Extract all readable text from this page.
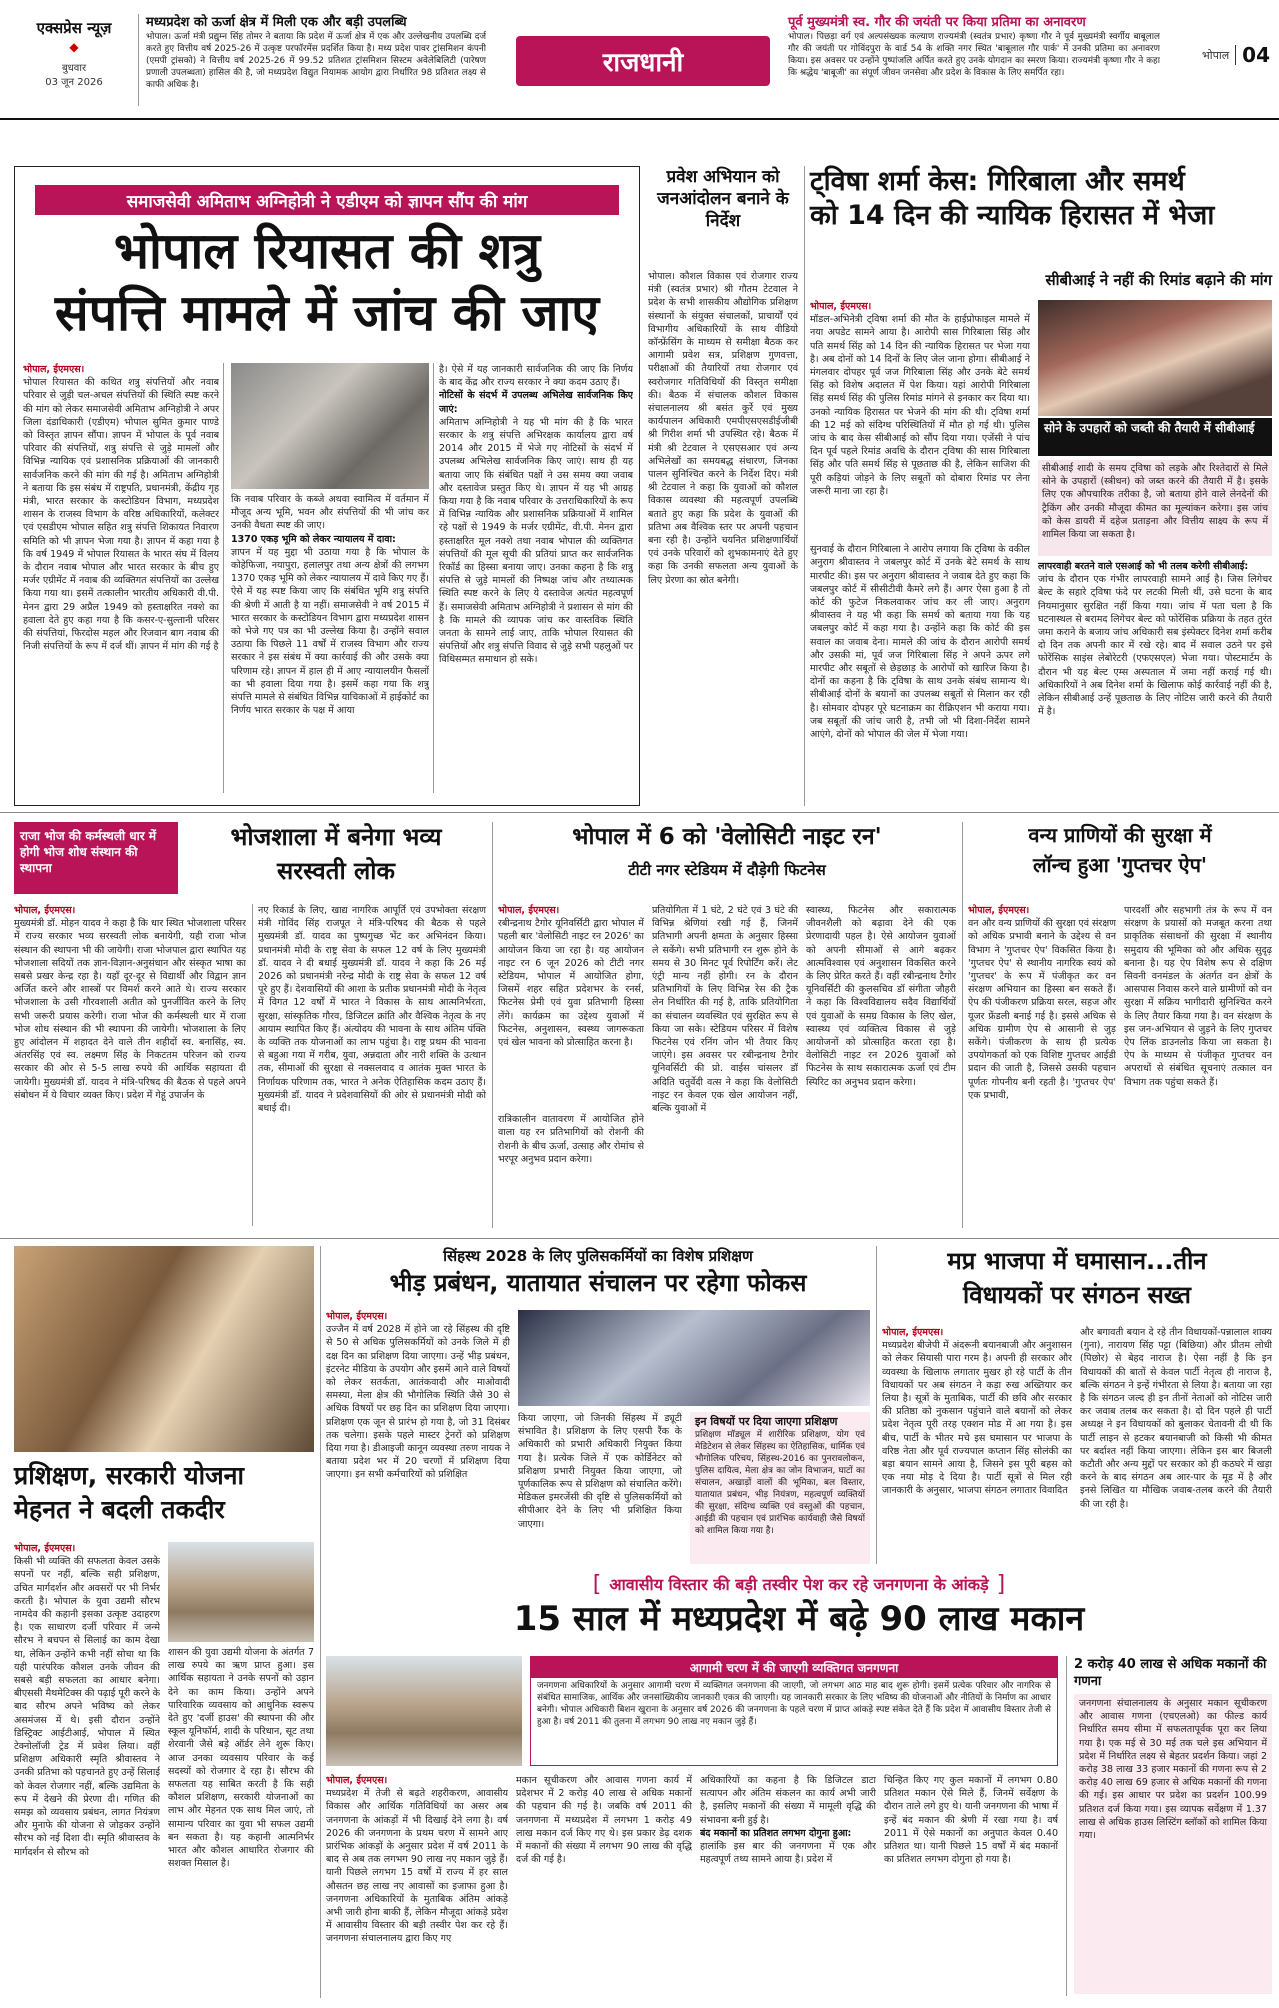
एक्सप्रेस न्यूज़
◆
बुधवार
03 जून 2026
मध्यप्रदेश को ऊर्जा क्षेत्र में मिली एक और बड़ी उपलब्धि
भोपाल। ऊर्जा मंत्री प्रद्युम्न सिंह तोमर ने बताया कि प्रदेश में ऊर्जा क्षेत्र में एक और उल्लेखनीय उपलब्धि दर्ज करते हुए वित्तीय वर्ष 2025-26 में उत्कृष्ट परफॉरमेंस प्रदर्शित किया है। मध्य प्रदेश पावर ट्रांसमिशन कंपनी (एमपी ट्रांसको) ने वित्तीय वर्ष 2025-26 में 99.52 प्रतिशत ट्रांसमिशन सिस्टम अवेलेबिलिटी (पारेषण प्रणाली उपलब्धता) हासिल की है, जो मध्यप्रदेश विद्युत नियामक आयोग द्वारा निर्धारित 98 प्रतिशत लक्ष्य से काफी अधिक है।
राजधानी
पूर्व मुख्यमंत्री स्व. गौर की जयंती पर किया प्रतिमा का अनावरण
भोपाल। पिछड़ा वर्ग एवं अल्पसंख्यक कल्याण राज्यमंत्री (स्वतंत्र प्रभार) कृष्णा गौर ने पूर्व मुख्यमंत्री स्वर्गीय बाबूलाल गौर की जयंती पर गोविंदपुरा के वार्ड 54 के शक्ति नगर स्थित 'बाबूलाल गौर पार्क' में उनकी प्रतिमा का अनावरण किया। इस अवसर पर उन्होंने पुष्पांजलि अर्पित करते हुए उनके योगदान का स्मरण किया। राज्यमंत्री कृष्णा गौर ने कहा कि श्रद्धेय 'बाबूजी' का संपूर्ण जीवन जनसेवा और प्रदेश के विकास के लिए समर्पित रहा।
भोपाल 04
समाजसेवी अमिताभ अग्निहोत्री ने एडीएम को ज्ञापन सौंप की मांग
भोपाल रियासत की शत्रु
संपत्ति मामले में जांच की जाए
भोपाल, ईएमएस।
भोपाल रियासत की कथित शत्रु संपत्तियों और नवाब परिवार से जुड़ी चल-अचल संपत्तियों की स्थिति स्पष्ट करने की मांग को लेकर समाजसेवी अमिताभ अग्निहोत्री ने अपर जिला दंडाधिकारी (एडीएम) भोपाल सुमित कुमार पाण्डे को विस्तृत ज्ञापन सौंपा। ज्ञापन में भोपाल के पूर्व नवाब परिवार की संपत्तियों, शत्रु संपत्ति से जुड़े मामलों और विभिन्न न्यायिक एवं प्रशासनिक प्रक्रियाओं की जानकारी सार्वजनिक करने की मांग की गई है। अमिताभ अग्निहोत्री ने बताया कि इस संबंध में राष्ट्रपति, प्रधानमंत्री, केंद्रीय गृह मंत्री, भारत सरकार के कस्टोडियन विभाग, मध्यप्रदेश शासन के राजस्व विभाग के वरिष्ठ अधिकारियों, कलेक्टर एवं एसडीएम भोपाल सहित शत्रु संपत्ति शिकायत निवारण समिति को भी ज्ञापन भेजा गया है। ज्ञापन में कहा गया है कि वर्ष 1949 में भोपाल रियासत के भारत संघ में विलय के दौरान नवाब भोपाल और भारत सरकार के बीच हुए मर्जर एग्रीमेंट में नवाब की व्यक्तिगत संपत्तियों का उल्लेख किया गया था। इसमें तत्कालीन भारतीय अधिकारी वी.पी. मेनन द्वारा 29 अप्रैल 1949 को हस्ताक्षरित नक्शे का हवाला देते हुए कहा गया है कि कसर-ए-सुल्तानी परिसर की संपत्तियां, फिरदोस महल और रिजवान बाग नवाब की निजी संपत्तियों के रूप में दर्ज थीं। ज्ञापन में मांग की गई है
कि नवाब परिवार के कब्जे अथवा स्वामित्व में वर्तमान में मौजूद अन्य भूमि, भवन और संपत्तियों की भी जांच कर उनकी वैधता स्पष्ट की जाए।
1370 एकड़ भूमि को लेकर न्यायालय में दावा:
ज्ञापन में यह मुद्दा भी उठाया गया है कि भोपाल के कोहेफिजा, नयापुरा, हलालपुर तथा अन्य क्षेत्रों की लगभग 1370 एकड़ भूमि को लेकर न्यायालय में दावे किए गए हैं। ऐसे में यह स्पष्ट किया जाए कि संबंधित भूमि शत्रु संपत्ति की श्रेणी में आती है या नहीं। समाजसेवी ने वर्ष 2015 में भारत सरकार के कस्टोडियन विभाग द्वारा मध्यप्रदेश शासन को भेजे गए पत्र का भी उल्लेख किया है। उन्होंने सवाल उठाया कि पिछले 11 वर्षों में राजस्व विभाग और राज्य सरकार ने इस संबंध में क्या कार्रवाई की और उसके क्या परिणाम रहे। ज्ञापन में हाल ही में आए न्यायालयीन फैसलों का भी हवाला दिया गया है। इसमें कहा गया कि शत्रु संपत्ति मामले से संबंधित विभिन्न याचिकाओं में हाईकोर्ट का निर्णय भारत सरकार के पक्ष में आया
है। ऐसे में यह जानकारी सार्वजनिक की जाए कि निर्णय के बाद केंद्र और राज्य सरकार ने क्या कदम उठाए हैं।
नोटिसों के संदर्भ में उपलब्ध अभिलेख सार्वजनिक किए जाएं:
अमिताभ अग्निहोत्री ने यह भी मांग की है कि भारत सरकार के शत्रु संपत्ति अभिरक्षक कार्यालय द्वारा वर्ष 2014 और 2015 में भेजे गए नोटिसों के संदर्भ में उपलब्ध अभिलेख सार्वजनिक किए जाएं। साथ ही यह बताया जाए कि संबंधित पक्षों ने उस समय क्या जवाब और दस्तावेज प्रस्तुत किए थे। ज्ञापन में यह भी आग्रह किया गया है कि नवाब परिवार के उत्तराधिकारियों के रूप में विभिन्न न्यायिक और प्रशासनिक प्रक्रियाओं में शामिल रहे पक्षों से 1949 के मर्जर एग्रीमेंट, वी.पी. मेनन द्वारा हस्ताक्षरित मूल नक्शे तथा नवाब भोपाल की व्यक्तिगत संपत्तियों की मूल सूची की प्रतियां प्राप्त कर सार्वजनिक रिकॉर्ड का हिस्सा बनाया जाए। उनका कहना है कि शत्रु संपत्ति से जुड़े मामलों की निष्पक्ष जांच और तथ्यात्मक स्थिति स्पष्ट करने के लिए ये दस्तावेज अत्यंत महत्वपूर्ण हैं। समाजसेवी अमिताभ अग्निहोत्री ने प्रशासन से मांग की है कि मामले की व्यापक जांच कर वास्तविक स्थिति जनता के सामने लाई जाए, ताकि भोपाल रियासत की संपत्तियों और शत्रु संपत्ति विवाद से जुड़े सभी पहलुओं पर विधिसम्मत समाधान हो सके।
प्रवेश अभियान को जनआंदोलन बनाने के निर्देश
भोपाल। कौशल विकास एवं रोजगार राज्य मंत्री (स्वतंत्र प्रभार) श्री गौतम टेटवाल ने प्रदेश के सभी शासकीय औद्योगिक प्रशिक्षण संस्थानों के संयुक्त संचालकों, प्राचार्यों एवं विभागीय अधिकारियों के साथ वीडियो कॉन्फ्रेंसिंग के माध्यम से समीक्षा बैठक कर आगामी प्रवेश सत्र, प्रशिक्षण गुणवत्ता, परीक्षाओं की तैयारियों तथा रोजगार एवं स्वरोजगार गतिविधियों की विस्तृत समीक्षा की। बैठक में संचालक कौशल विकास संचालनालय श्री बसंत कुर्रे एवं मुख्य कार्यपालन अधिकारी एमपीएसएसडीईजीबी श्री गिरीश शर्मा भी उपस्थित रहे। बैठक में मंत्री श्री टेटवाल ने एसएसआर एवं अन्य अभिलेखों का समयबद्ध संधारण, जिनका पालन सुनिश्चित करने के निर्देश दिए। मंत्री श्री टेटवाल ने कहा कि युवाओं को कौशल विकास व्यवस्था की महत्वपूर्ण उपलब्धि बताते हुए कहा कि प्रदेश के युवाओं की प्रतिभा अब वैश्विक स्तर पर अपनी पहचान बना रही है। उन्होंने चयनित प्रशिक्षणार्थियों एवं उनके परिवारों को शुभकामनाएं देते हुए कहा कि उनकी सफलता अन्य युवाओं के लिए प्रेरणा का स्रोत बनेगी।
ट्विषा शर्मा केस: गिरिबाला और समर्थ
को 14 दिन की न्यायिक हिरासत में भेजा
सीबीआई ने नहीं की रिमांड बढ़ाने की मांग
भोपाल, ईएमएस।
मॉडल-अभिनेत्री ट्विषा शर्मा की मौत के हाईप्रोफाइल मामले में नया अपडेट सामने आया है। आरोपी सास गिरिबाला सिंह और पति समर्थ सिंह को 14 दिन की न्यायिक हिरासत पर भेजा गया है। अब दोनों को 14 दिनों के लिए जेल जाना होगा। सीबीआई ने मंगलवार दोपहर पूर्व जज गिरिबाला सिंह और उनके बेटे समर्थ सिंह को विशेष अदालत में पेश किया। यहां आरोपी गिरिबाला सिंह समर्थ सिंह की पुलिस रिमांड मांगने से इनकार कर दिया था। उनको न्यायिक हिरासत पर भेजने की मांग की थी। ट्विषा शर्मा की 12 मई को संदिग्ध परिस्थितियों में मौत हो गई थी। पुलिस जांच के बाद केस सीबीआई को सौंप दिया गया। एजेंसी ने पांच दिन पूर्व पहले रिमांड अवधि के दौरान ट्विषा की सास गिरिबाला सिंह और पति समर्थ सिंह से पूछताछ की है, लेकिन साजिश की पूरी कड़ियां जोड़ने के लिए सबूतों को दोबारा रिमांड पर लेना जरूरी माना जा रहा है।
सुनवाई के दौरान गिरिबाला ने आरोप लगाया कि ट्विषा के वकील अनुराग श्रीवास्तव ने जबलपुर कोर्ट में उनके बेटे समर्थ के साथ मारपीट की। इस पर अनुराग श्रीवास्तव ने जवाब देते हुए कहा कि जबलपुर कोर्ट में सीसीटीवी कैमरे लगे हैं। अगर ऐसा हुआ है तो कोर्ट की फुटेज निकलवाकर जांच कर ली जाए। अनुराग श्रीवास्तव ने यह भी कहा कि समर्थ को बताया गया कि यह जबलपुर कोर्ट में कहा गया है। उन्होंने कहा कि कोर्ट की इस सवाल का जवाब देना। मामले की जांच के दौरान आरोपी समर्थ और उसकी मां, पूर्व जज गिरिबाला सिंह ने अपने ऊपर लगे मारपीट और सबूतों से छेड़छाड़ के आरोपों को खारिज किया है। दोनों का कहना है कि ट्विषा के साथ उनके संबंध सामान्य थे। सीबीआई दोनों के बयानों का उपलब्ध सबूतों से मिलान कर रही है। सोमवार दोपहर पूरे घटनाक्रम का रीक्रिएशन भी कराया गया। जब सबूतों की जांच जारी है, तभी जो भी दिशा-निर्देश सामने आएंगे, दोनों को भोपाल की जेल में भेजा गया।
सोने के उपहारों को जब्ती की तैयारी में सीबीआई
सीबीआई शादी के समय ट्विषा को लड़के और रिश्तेदारों से मिले सोने के उपहारों (स्त्रीधन) को जब्त करने की तैयारी में है। इसके लिए एक औपचारिक तरीका है, जो बताया होने वाले लेनदेनों की ट्रैकिंग और उनकी मौजूदा कीमत का मूल्यांकन करेगा। इस जांच को केस डायरी में दहेज प्रताड़ना और वित्तीय साक्ष्य के रूप में शामिल किया जा सकता है।
लापरवाही बरतने वाले एसआई को भी तलब करेगी सीबीआई:
जांच के दौरान एक गंभीर लापरवाही सामने आई है। जिस लिगेचर बेल्ट के सहारे ट्विषा फंदे पर लटकी मिली थीं, उसे घटना के बाद नियमानुसार सुरक्षित नहीं किया गया। जांच में पता चला है कि घटनास्थल से बरामद लिगेचर बेल्ट को फोरेंसिक प्रक्रिया के तहत तुरंत जमा कराने के बजाय जांच अधिकारी सब इंस्पेक्टर दिनेश शर्मा करीब दो दिन तक अपनी कार में रखे रहे। बाद में सवाल उठने पर इसे फोरेंसिक साइंस लेबोरेटरी (एफएसएल) भेजा गया। पोस्टमार्टम के दौरान भी यह बेल्ट एम्स अस्पताल में जमा नहीं कराई गई थी। अधिकारियों ने अब दिनेश शर्मा के खिलाफ कोई कार्रवाई नहीं की है, लेकिन सीबीआई उन्हें पूछताछ के लिए नोटिस जारी करने की तैयारी में है।
राजा भोज की कर्मस्थली धार में होगी भोज शोध संस्थान की स्थापना
भोजशाला में बनेगा भव्य
सरस्वती लोक
भोपाल, ईएमएस।
मुख्यमंत्री डॉ. मोहन यादव ने कहा है कि धार स्थित भोजशाला परिसर में राज्य सरकार भव्य सरस्वती लोक बनायेगी, यही राजा भोज संस्थान की स्थापना भी की जायेगी। राजा भोजपाल द्वारा स्थापित यह भोजशाला सदियों तक ज्ञान-विज्ञान-अनुसंधान और संस्कृत भाषा का सबसे प्रखर केन्द्र रहा है। यहाँ दूर-दूर से विद्यार्थी और विद्वान ज्ञान अर्जित करने और शास्त्रों पर विमर्श करने आते थे। राज्य सरकार भोजशाला के उसी गौरवशाली अतीत को पुनर्जीवित करने के लिए सभी जरूरी प्रयास करेगी। राजा भोज की कर्मस्थली धार में राजा भोज शोध संस्थान की भी स्थापना की जायेगी। भोजशाला के लिए हुए आंदोलन में शहादत देने वाले तीन शहीदों स्व. बनासिंह, स्व. अंतरसिंह एवं स्व. लक्ष्मण सिंह के निकटतम परिजन को राज्य सरकार की ओर से 5-5 लाख रुपये की आर्थिक सहायता दी जायेगी। मुख्यमंत्री डॉ. यादव ने मंत्रि-परिषद की बैठक से पहले अपने संबोधन में ये विचार व्यक्त किए। प्रदेश में गेहूं उपार्जन के
नए रिकार्ड के लिए, खाद्य नागरिक आपूर्ति एवं उपभोक्ता संरक्षण मंत्री गोविंद सिंह राजपूत ने मंत्रि-परिषद की बैठक से पहले मुख्यमंत्री डॉ. यादव का पुष्पगुच्छ भेंट कर अभिनंदन किया। प्रधानमंत्री मोदी के राष्ट्र सेवा के सफल 12 वर्ष के लिए मुख्यमंत्री डॉ. यादव ने दी बधाई मुख्यमंत्री डॉ. यादव ने कहा कि 26 मई 2026 को प्रधानमंत्री नरेन्द्र मोदी के राष्ट्र सेवा के सफल 12 वर्ष पूरे हुए हैं। देशवासियों की आशा के प्रतीक प्रधानमंत्री मोदी के नेतृत्व में विगत 12 वर्षों में भारत ने विकास के साथ आत्मनिर्भरता, सुरक्षा, सांस्कृतिक गौरव, डिजिटल क्रांति और वैश्विक नेतृत्व के नए आयाम स्थापित किए हैं। अंत्योदय की भावना के साथ अंतिम पंक्ति के व्यक्ति तक योजनाओं का लाभ पहुंचा है। राष्ट्र प्रथम की भावना से बहुआ गया में गरीब, युवा, अन्नदाता और नारी शक्ति के उत्थान तक, सीमाओं की सुरक्षा से नक्सलवाद व आतंक मुक्त भारत के निर्णायक परिणाम तक, भारत ने अनेक ऐतिहासिक कदम उठाए हैं। मुख्यमंत्री डॉ. यादव ने प्रदेशवासियों की ओर से प्रधानमंत्री मोदी को बधाई दी।
भोपाल में 6 को 'वेलोसिटी नाइट रन'
टीटी नगर स्टेडियम में दौड़ेगी फिटनेस
भोपाल, ईएमएस।
रबीन्द्रनाथ टैगोर यूनिवर्सिटी द्वारा भोपाल में पहली बार 'वेलोसिटी नाइट रन 2026' का आयोजन किया जा रहा है। यह आयोजन नाइट रन 6 जून 2026 को टीटी नगर स्टेडियम, भोपाल में आयोजित होगा, जिसमें शहर सहित प्रदेशभर के रनर्स, फिटनेस प्रेमी एवं युवा प्रतिभागी हिस्सा लेंगे। कार्यक्रम का उद्देश्य युवाओं में फिटनेस, अनुशासन, स्वस्थ्य जागरूकता एवं खेल भावना को प्रोत्साहित करना है।
रात्रिकालीन वातावरण में आयोजित होने वाला यह रन प्रतिभागियों को रोशनी की रोशनी के बीच ऊर्जा, उत्साह और रोमांच से भरपूर अनुभव प्रदान करेगा।
प्रतियोगिता में 1 घंटे, 2 घंटे एवं 3 घंटे की विभिन्न श्रेणियां रखी गई हैं, जिनमें प्रतिभागी अपनी क्षमता के अनुसार हिस्सा ले सकेंगे। सभी प्रतिभागी रन शुरू होने के समय से 30 मिनट पूर्व रिपोर्टिंग करें। लेट एंट्री मान्य नहीं होगी। रन के दौरान प्रतिभागियों के लिए विभिन्न रेस की ट्रैक लेन निर्धारित की गई है, ताकि प्रतियोगिता का संचालन व्यवस्थित एवं सुरक्षित रूप से किया जा सके। स्टेडियम परिसर में विशेष फिटनेस एवं रनिंग जोन भी तैयार किए जाएंगे। इस अवसर पर रबीन्द्रनाथ टैगोर यूनिवर्सिटी की प्रो. वाईस चांसलर डॉ अदिति चतुर्वेदी वत्स ने कहा कि वेलोसिटी नाइट रन केवल एक खेल आयोजन नहीं, बल्कि युवाओं में
स्वास्थ्य, फिटनेस और सकारात्मक जीवनशैली को बढ़ावा देने की एक प्रेरणादायी पहल है। ऐसे आयोजन युवाओं को अपनी सीमाओं से आगे बढ़कर आत्मविश्वास एवं अनुशासन विकसित करने के लिए प्रेरित करते हैं। वहीं रबीन्द्रनाथ टैगोर यूनिवर्सिटी की कुलसचिव डॉ संगीता जौहरी ने कहा कि विश्वविद्यालय सदैव विद्यार्थियों एवं युवाओं के समग्र विकास के लिए खेल, स्वास्थ्य एवं व्यक्तित्व विकास से जुड़े आयोजनों को प्रोत्साहित करता रहा है। वेलोसिटी नाइट रन 2026 युवाओं को फिटनेस के साथ सकारात्मक ऊर्जा एवं टीम स्पिरिट का अनुभव प्रदान करेगा।
वन्य प्राणियों की सुरक्षा में
लॉन्च हुआ 'गुप्तचर ऐप'
भोपाल, ईएमएस।
वन और वन्य प्राणियों की सुरक्षा एवं संरक्षण को अधिक प्रभावी बनाने के उद्देश्य से वन विभाग ने 'गुप्तचर ऐप' विकसित किया है। 'गुप्तचर ऐप' से स्थानीय नागरिक स्वयं को 'गुप्तचर' के रूप में पंजीकृत कर वन संरक्षण अभियान का हिस्सा बन सकते हैं। ऐप की पंजीकरण प्रक्रिया सरल, सहज और यूजर फ्रेंडली बनाई गई है। इससे अधिक से अधिक ग्रामीण ऐप से आसानी से जुड़ सकेंगे। पंजीकरण के साथ ही प्रत्येक उपयोगकर्ता को एक विशिष्ट गुप्तचर आईडी प्रदान की जाती है, जिससे उसकी पहचान पूर्णतः गोपनीय बनी रहती है। 'गुप्तचर ऐप' एक प्रभावी,
पारदर्शी और सहभागी तंत्र के रूप में वन संरक्षण के प्रयासों को मजबूत करना तथा प्राकृतिक संसाधनों की सुरक्षा में स्थानीय समुदाय की भूमिका को और अधिक सुदृढ़ बनाना है। यह ऐप विशेष रूप से दक्षिण सिवनी वनमंडल के अंतर्गत वन क्षेत्रों के आसपास निवास करने वाले ग्रामीणों को वन सुरक्षा में सक्रिय भागीदारी सुनिश्चित करने के लिए तैयार किया गया है। वन संरक्षण के इस जन-अभियान से जुड़ने के लिए गुप्तचर ऐप लिंक डाउनलोड किया जा सकता है। ऐप के माध्यम से पंजीकृत गुप्तचर वन अपराधों से संबंधित सूचनाएं तत्काल वन विभाग तक पहुंचा सकते हैं।
प्रशिक्षण, सरकारी योजना
मेहनत ने बदली तकदीर
भोपाल, ईएमएस।
किसी भी व्यक्ति की सफलता केवल उसके सपनों पर नहीं, बल्कि सही प्रशिक्षण, उचित मार्गदर्शन और अवसरों पर भी निर्भर करती है। भोपाल के युवा उद्यमी सौरभ नामदेव की कहानी इसका उत्कृष्ट उदाहरण है। एक साधारण दर्जी परिवार में जन्मे सौरभ ने बचपन से सिलाई का काम देखा था, लेकिन उन्होंने कभी नहीं सोचा था कि यही पारंपरिक कौशल उनके जीवन की सबसे बड़ी सफलता का आधार बनेगा। बीएससी मैथमेटिक्स की पढ़ाई पूरी करने के बाद सौरभ अपने भविष्य को लेकर असमंजस में थे। इसी दौरान उन्होंने डिस्ट्रिक्ट आईटीआई, भोपाल में स्थित टेक्नोलॉजी ट्रेड में प्रवेश लिया। वहीं प्रशिक्षण अधिकारी स्मृति श्रीवास्तव ने उनकी प्रतिभा को पहचानते हुए उन्हें सिलाई को केवल रोजगार नहीं, बल्कि उद्यमिता के रूप में देखने की प्रेरणा दी। गणित की समझ को व्यवसाय प्रबंधन, लागत नियंत्रण और मुनाफे की योजना से जोड़कर उन्होंने सौरभ को नई दिशा दी। स्मृति श्रीवास्तव के मार्गदर्शन से सौरभ को
शासन की युवा उद्यमी योजना के अंतर्गत 7 लाख रुपये का ऋण प्राप्त हुआ। इस आर्थिक सहायता ने उनके सपनों को उड़ान देने का काम किया। उन्होंने अपने पारिवारिक व्यवसाय को आधुनिक स्वरूप देते हुए 'दर्जी हाउस' की स्थापना की और स्कूल यूनिफॉर्म, शादी के परिधान, सूट तथा शेरवानी जैसे बड़े ऑर्डर लेने शुरू किए। आज उनका व्यवसाय परिवार के कई सदस्यों को रोजगार दे रहा है। सौरभ की सफलता यह साबित करती है कि सही कौशल प्रशिक्षण, सरकारी योजनाओं का लाभ और मेहनत एक साथ मिल जाएं, तो सामान्य परिवार का युवा भी सफल उद्यमी बन सकता है। यह कहानी आत्मनिर्भर भारत और कौशल आधारित रोजगार की सशक्त मिसाल है।
सिंहस्थ 2028 के लिए पुलिसकर्मियों का विशेष प्रशिक्षण
भीड़ प्रबंधन, यातायात संचालन पर रहेगा फोकस
भोपाल, ईएमएस।
उज्जैन में वर्ष 2028 में होने जा रहे सिंहस्थ की दृष्टि से 50 से अधिक पुलिसकर्मियों को उनके जिले में ही दक्ष दिन का प्रशिक्षण दिया जाएगा। उन्हें भीड़ प्रबंधन, इंटरनेट मीडिया के उपयोग और इसमें आने वाले विषयों को लेकर सतर्कता, आतंकवादी और माओवादी समस्या, मेला क्षेत्र की भौगोलिक स्थिति जैसे 30 से अधिक विषयों पर छह दिन का प्रशिक्षण दिया जाएगा। प्रशिक्षण एक जून से प्रारंभ हो गया है, जो 31 दिसंबर तक चलेगा। इसके पहले मास्टर ट्रेनरों को प्रशिक्षण दिया गया है। डीआइजी कानून व्यवस्था तरुण नायक ने बताया प्रदेश भर में 20 चरणों में प्रशिक्षण दिया जाएगा। इन सभी कर्मचारियों को प्रशिक्षित
किया जाएगा, जो जिनकी सिंहस्थ में ड्यूटी संभावित है। प्रशिक्षण के लिए एसपी रैंक के अधिकारी को प्रभारी अधिकारी नियुक्त किया गया है। प्रत्येक जिले में एक कोर्डिनेटर को प्रशिक्षण प्रभारी नियुक्त किया जाएगा, जो पूर्णकालिक रूप से प्रशिक्षण को संचालित करेंगे। मेडिकल इमरजेंसी की दृष्टि से पुलिसकर्मियों को सीपीआर देने के लिए भी प्रशिक्षित किया जाएगा।
इन विषयों पर दिया जाएगा प्रशिक्षण
प्रशिक्षण मॉड्यूल में शारीरिक प्रशिक्षण, योग एवं मेडिटेशन से लेकर सिंहस्थ का ऐतिहासिक, धार्मिक एवं भौगोलिक परिचय, सिंहस्थ-2016 का पुनरावलोकन, पुलिस दायित्व, मेला क्षेत्र का जोन विभाजन, घाटों का संचालन, अखाड़ों वालों की भूमिका, बल विस्तार, यातायात प्रबंधन, भीड़ नियंत्रण, महत्वपूर्ण व्यक्तियों की सुरक्षा, संदिग्ध व्यक्ति एवं वस्तुओं की पहचान, आईडी की पहचान एवं प्रारंभिक कार्यवाही जैसे विषयों को शामिल किया गया है।
मप्र भाजपा में घमासान...तीन
विधायकों पर संगठन सख्त
भोपाल, ईएमएस।
मध्यप्रदेश बीजेपी में अंदरूनी बयानबाजी और अनुशासन को लेकर सियासी पारा गरम है। अपनी ही सरकार और व्यवस्था के खिलाफ लगातार मुखर हो रहे पार्टी के तीन विधायकों पर अब संगठन ने कड़ा रुख अख्तियार कर लिया है। सूत्रों के मुताबिक, पार्टी की छवि और सरकार की प्रतिष्ठा को नुकसान पहुंचाने वाले बयानों को लेकर प्रदेश नेतृत्व पूरी तरह एक्शन मोड में आ गया है। इस बीच, पार्टी के भीतर मचे इस घमासान पर भाजपा के वरिष्ठ नेता और पूर्व राज्यपाल कप्तान सिंह सोलंकी का बड़ा बयान सामने आया है, जिसने इस पूरी बहस को एक नया मोड़ दे दिया है। पार्टी सूत्रों से मिल रही जानकारी के अनुसार, भाजपा संगठन लगातार विवादित
और बगावती बयान दे रहे तीन विधायकों-पन्नालाल शाक्य (गुना), नारायण सिंह पट्टा (बिछिया) और प्रीतम लोधी (पिछोर) से बेहद नाराज है। ऐसा नहीं है कि इन विधायकों की बातों से केवल पार्टी नेतृत्व ही नाराज है, बल्कि संगठन ने इन्हें गंभीरता से लिया है। बताया जा रहा है कि संगठन जल्द ही इन तीनों नेताओं को नोटिस जारी कर जवाब तलब कर सकता है। दो दिन पहले ही पार्टी अध्यक्ष ने इन विधायकों को बुलाकर चेतावनी दी थी कि पार्टी लाइन से हटकर बयानबाजी को किसी भी कीमत पर बर्दाश्त नहीं किया जाएगा। लेकिन इस बार बिजली कटौती और अन्य मुद्दों पर सरकार को ही कठघरे में खड़ा करने के बाद संगठन अब आर-पार के मूड में है और इनसे लिखित या मौखिक जवाब-तलब करने की तैयारी की जा रही है।
[ आवासीय विस्तार की बड़ी तस्वीर पेश कर रहे जनगणना के आंकड़े ]
15 साल में मध्यप्रदेश में बढ़े 90 लाख मकान
आगामी चरण में की जाएगी व्यक्तिगत जनगणना
जनगणना अधिकारियों के अनुसार आगामी चरण में व्यक्तिगत जनगणना की जाएगी, जो लगभग आठ माह बाद शुरू होगी। इसमें प्रत्येक परिवार और नागरिक से संबंधित सामाजिक, आर्थिक और जनसांख्यिकीय जानकारी एकत्र की जाएगी। यह जानकारी सरकार के लिए भविष्य की योजनाओं और नीतियों के निर्माण का आधार बनेगी। भोपाल अधिकारी बिशन खुराना के अनुसार वर्ष 2026 की जनगणना के पहले चरण में प्राप्त आंकड़े स्पष्ट संकेत देते हैं कि प्रदेश में आवासीय विस्तार तेजी से हुआ है। वर्ष 2011 की तुलना में लगभग 90 लाख नए मकान जुड़े हैं।
भोपाल, ईएमएस।
मध्यप्रदेश में तेजी से बढ़ते शहरीकरण, आवासीय विकास और आर्थिक गतिविधियों का असर अब जनगणना के आंकड़ों में भी दिखाई देने लगा है। वर्ष 2026 की जनगणना के प्रथम चरण में सामने आए प्रारंभिक आंकड़ों के अनुसार प्रदेश में वर्ष 2011 के बाद से अब तक लगभग 90 लाख नए मकान जुड़े हैं। यानी पिछले लगभग 15 वर्षों में राज्य में हर साल औसतन छह लाख नए आवासों का इजाफा हुआ है। जनगणना अधिकारियों के मुताबिक अंतिम आंकड़े अभी जारी होना बाकी हैं, लेकिन मौजूदा आंकड़े प्रदेश में आवासीय विस्तार की बड़ी तस्वीर पेश कर रहे हैं। जनगणना संचालनालय द्वारा किए गए
मकान सूचीकरण और आवास गणना कार्य में प्रदेशभर में 2 करोड़ 40 लाख से अधिक मकानों की पहचान की गई है। जबकि वर्ष 2011 की जनगणना में मध्यप्रदेश में लगभग 1 करोड़ 49 लाख मकान दर्ज किए गए थे। इस प्रकार डेढ़ दशक में मकानों की संख्या में लगभग 90 लाख की वृद्धि दर्ज की गई है।
अधिकारियों का कहना है कि डिजिटल डाटा सत्यापन और अंतिम संकलन का कार्य अभी जारी है, इसलिए मकानों की संख्या में मामूली वृद्धि की संभावना बनी हुई है।
बंद मकानों का प्रतिशत लगभग दोगुना हुआ:
हालांकि इस बार की जनगणना में एक और महत्वपूर्ण तथ्य सामने आया है। प्रदेश में
चिन्हित किए गए कुल मकानों में लगभग 0.80 प्रतिशत मकान ऐसे मिले हैं, जिनमें सर्वेक्षण के दौरान ताले लगे हुए थे। यानी जनगणना की भाषा में इन्हें बंद मकान की श्रेणी में रखा गया है। वर्ष 2011 में ऐसे मकानों का अनुपात केवल 0.40 प्रतिशत था। यानी पिछले 15 वर्षों में बंद मकानों का प्रतिशत लगभग दोगुना हो गया है।
2 करोड़ 40 लाख से अधिक मकानों की गणना
जनगणना संचालनालय के अनुसार मकान सूचीकरण और आवास गणना (एचएलओ) का फील्ड कार्य निर्धारित समय सीमा में सफलतापूर्वक पूरा कर लिया गया है। एक मई से 30 मई तक चले इस अभियान में प्रदेश में निर्धारित लक्ष्य से बेहतर प्रदर्शन किया। जहां 2 करोड़ 38 लाख 33 हजार मकानों की गणना रूप से 2 करोड़ 40 लाख 69 हजार से अधिक मकानों की गणना की गई। इस आधार पर प्रदेश का प्रदर्शन 100.99 प्रतिशत दर्ज किया गया। इस व्यापक सर्वेक्षण में 1.37 लाख से अधिक हाउस लिस्टिंग ब्लॉकों को शामिल किया गया।
